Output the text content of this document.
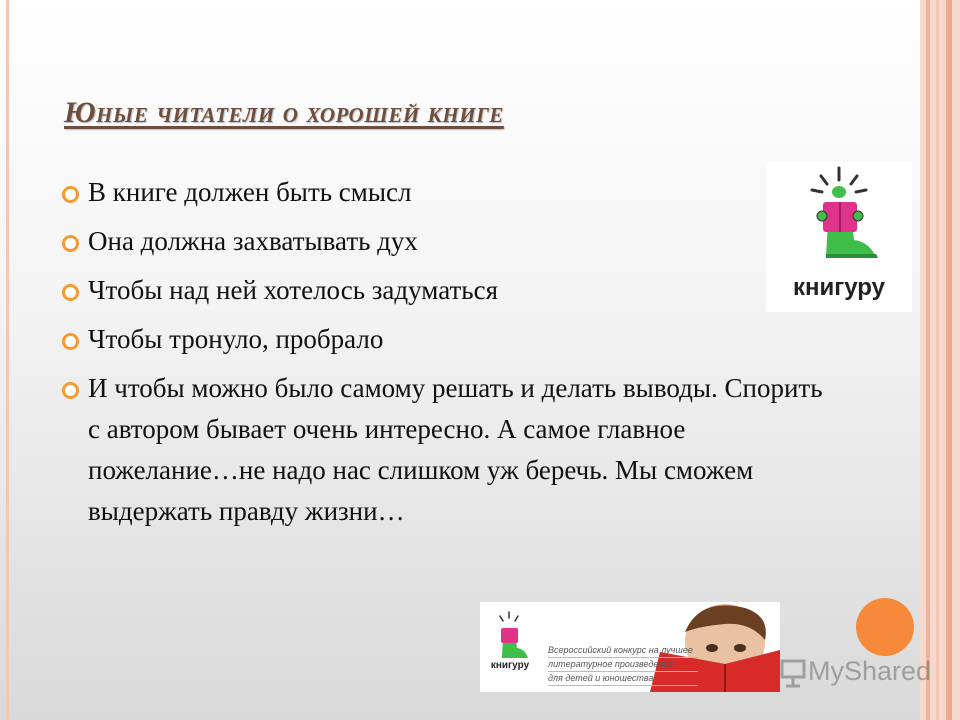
Юные читатели о хорошей книге
В книге должен быть смысл
Она должна захватывать дух
Чтобы над ней хотелось задуматься
Чтобы тронуло, пробрало
И чтобы можно было самому решать и делать выводы. Спорить с автором бывает очень интересно. А самое главное пожелание…не надо нас слишком уж беречь. Мы сможем выдержать правду жизни…
книгуру
книгуру
Всероссийский конкурс на лучшее
литературное произведение
для детей и юношества	MyShared
